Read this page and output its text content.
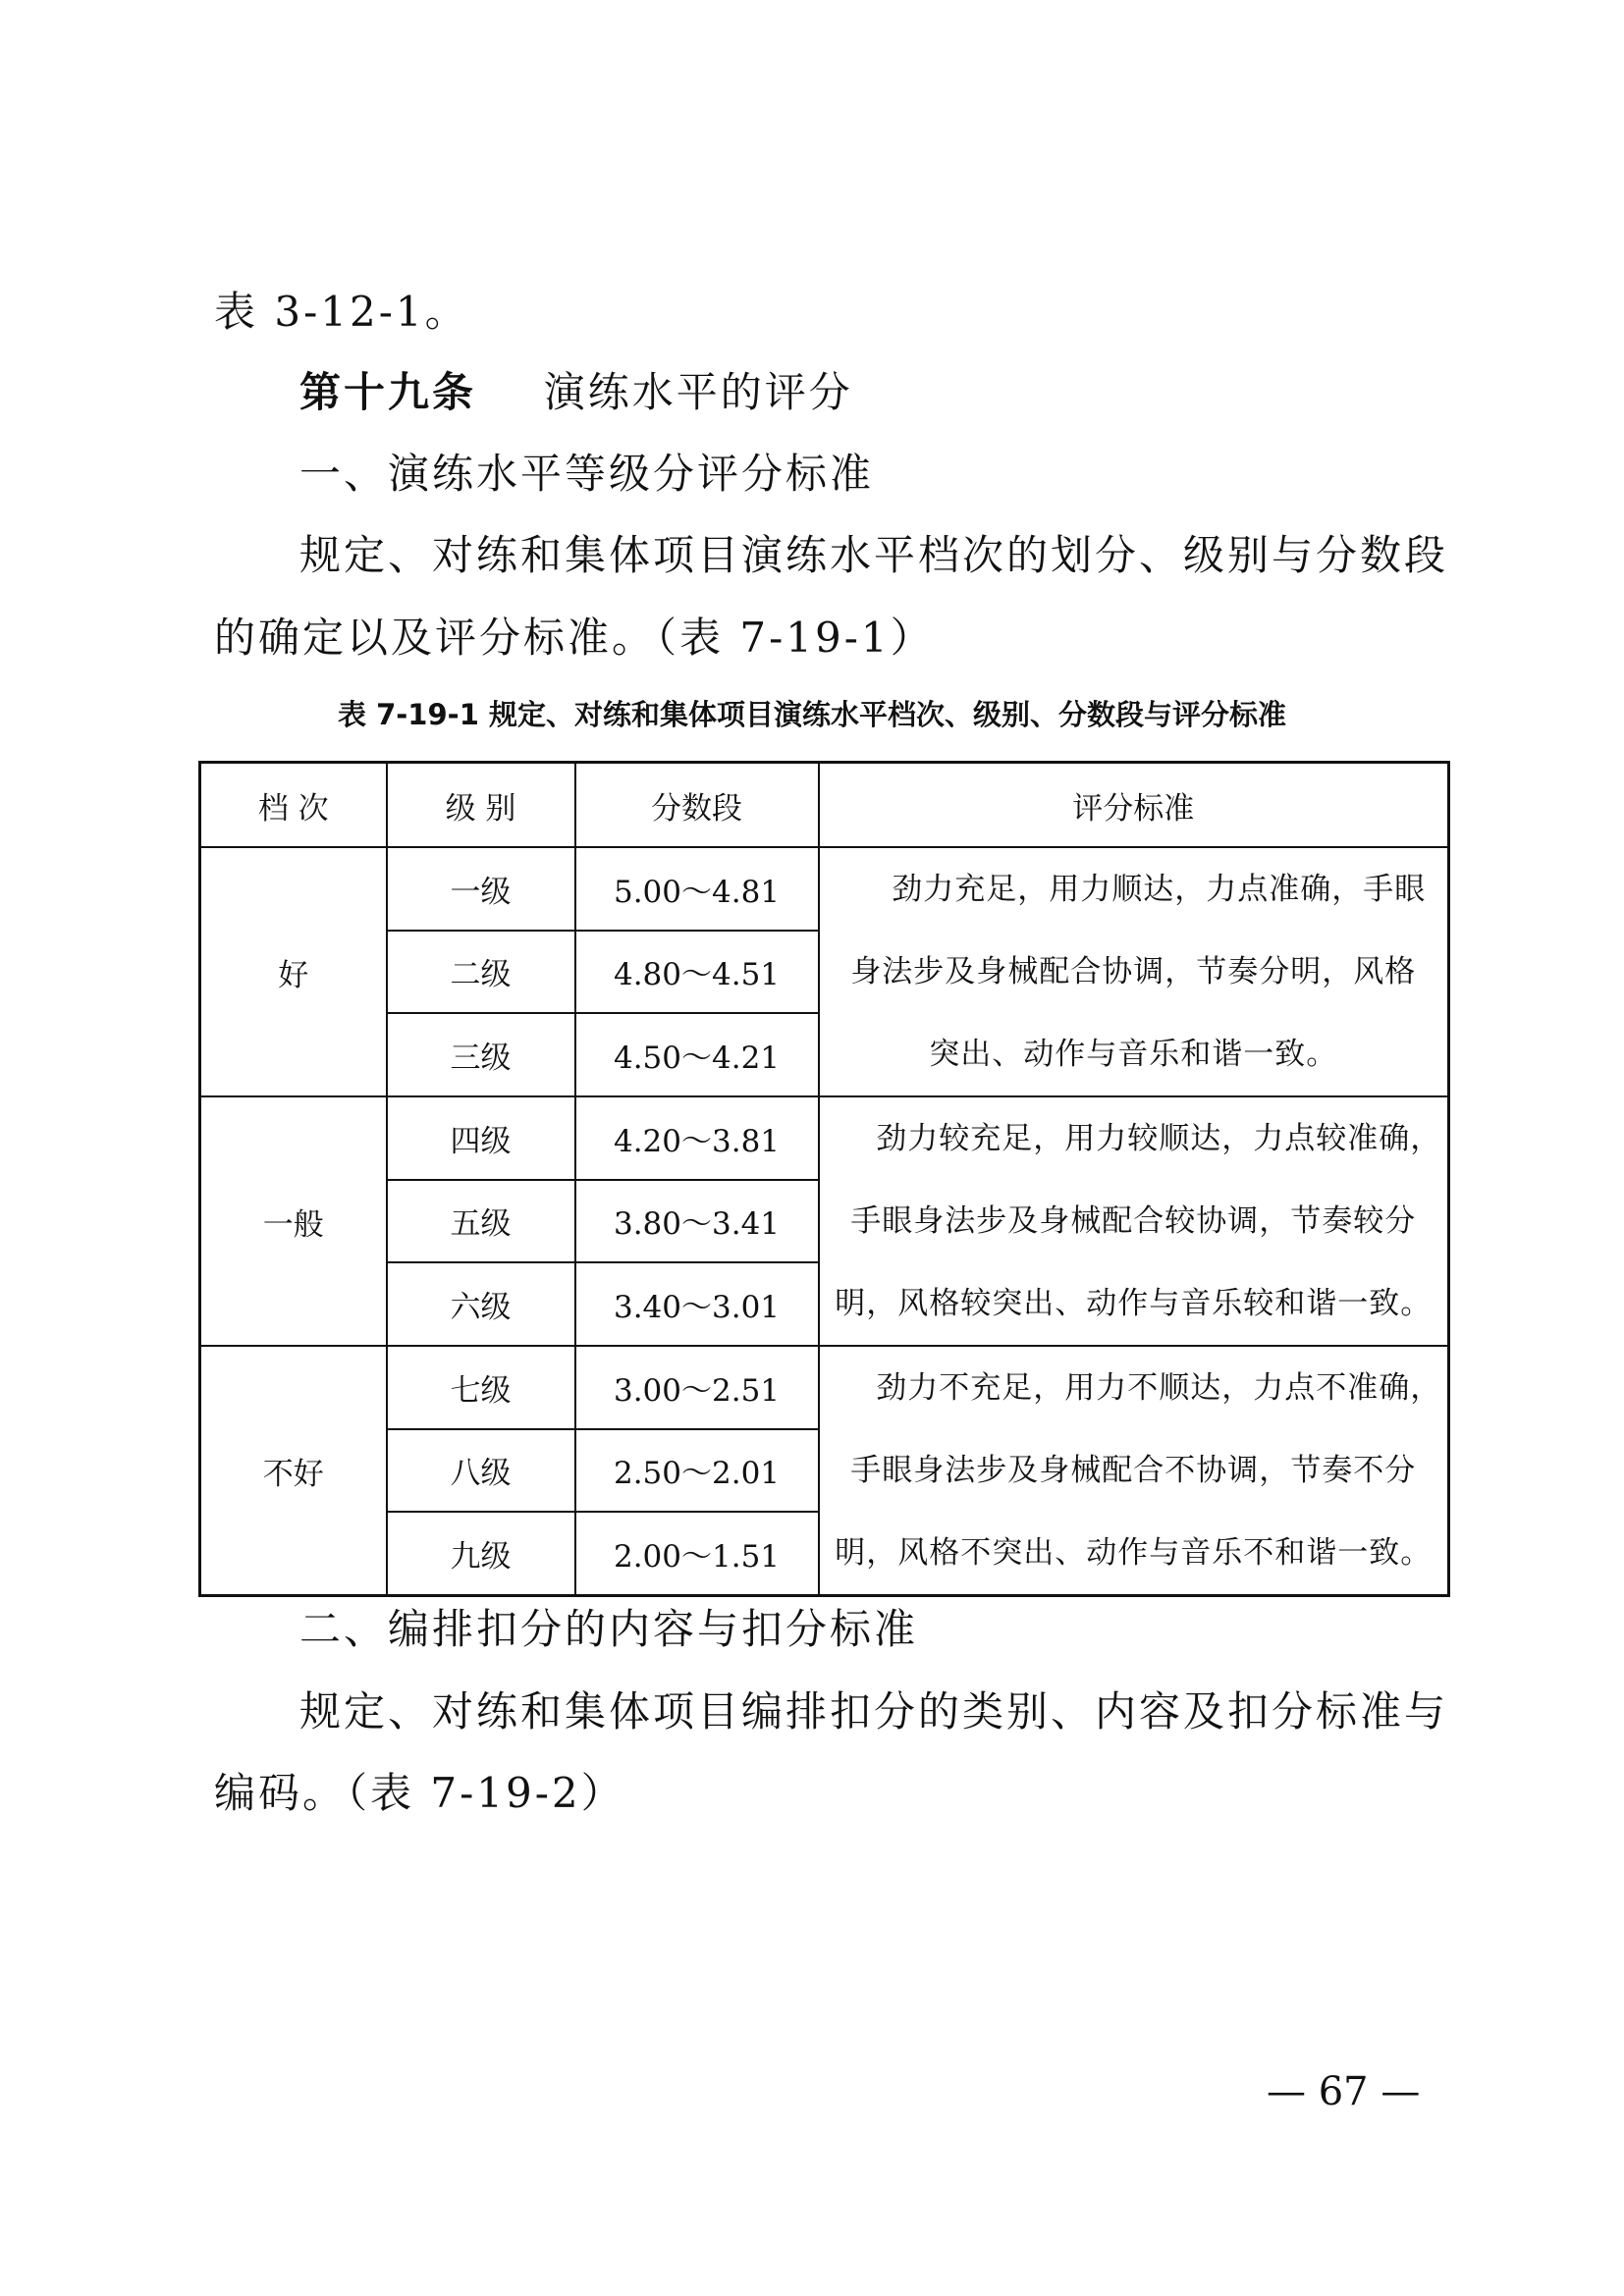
表 3-12-1。
第十九条 演练水平的评分
一、演练水平等级分评分标准
规定、对练和集体项目演练水平档次的划分、级别与分数段
的确定以及评分标准。（表 7-19-1）
表 7-19-1 规定、对练和集体项目演练水平档次、级别、分数段与评分标准
档 次	级 别	分数段	评分标准
好	一级	5.00～4.81	劲力充足，用力顺达，力点准确，手眼
身法步及身械配合协调，节奏分明，风格
突出、动作与音乐和谐一致。

	二级	4.80～4.51	
	三级	4.50～4.21	
一般	四级	4.20～3.81	劲力较充足，用力较顺达，力点较准确，
手眼身法步及身械配合较协调，节奏较分
明，风格较突出、动作与音乐较和谐一致。

	五级	3.80～3.41	
	六级	3.40～3.01	
不好	七级	3.00～2.51	劲力不充足，用力不顺达，力点不准确，
手眼身法步及身械配合不协调，节奏不分
明，风格不突出、动作与音乐不和谐一致。

	八级	2.50～2.01	
	九级	2.00～1.51	
二、编排扣分的内容与扣分标准
规定、对练和集体项目编排扣分的类别、内容及扣分标准与
编码。（表 7-19-2）
— 67 —
